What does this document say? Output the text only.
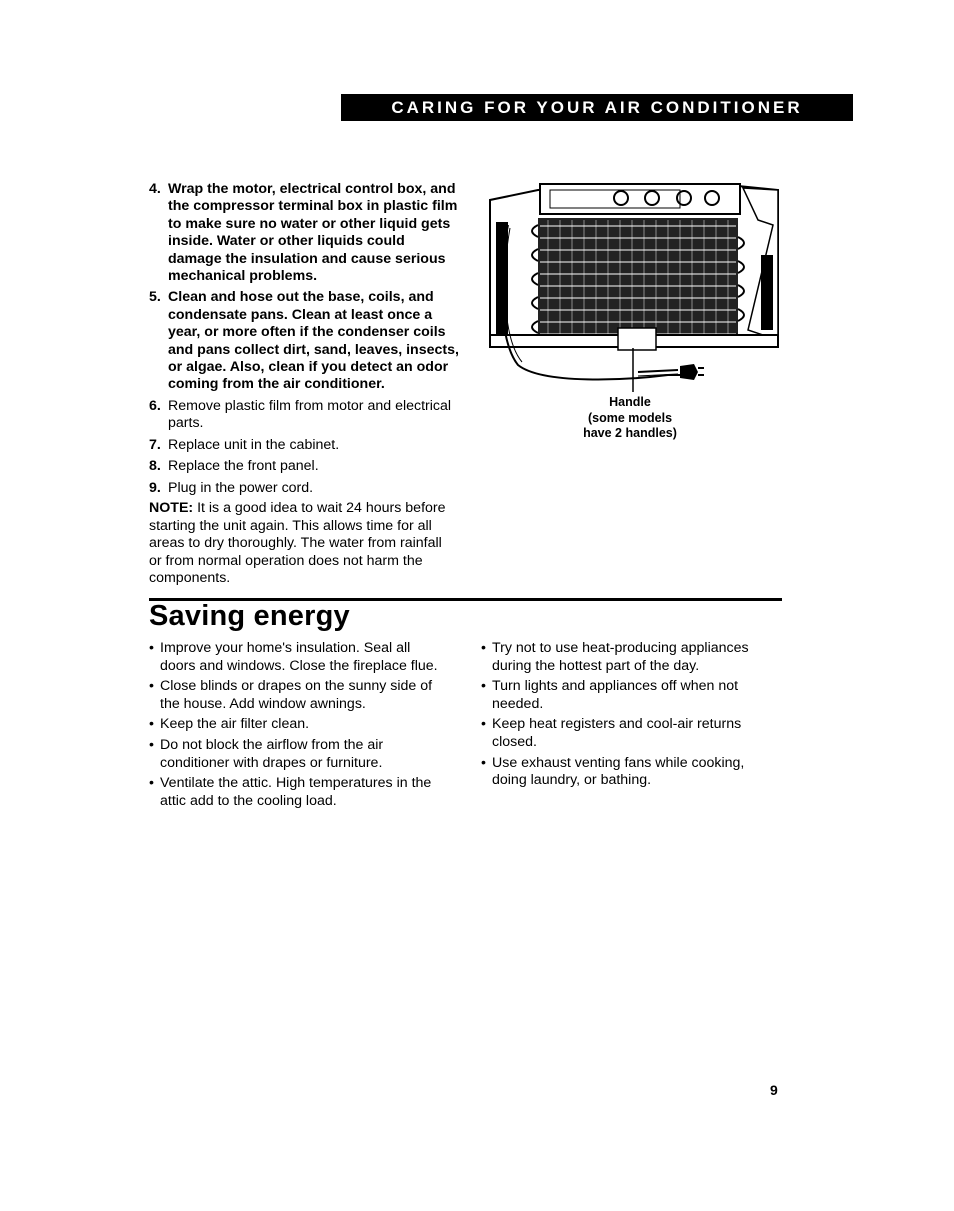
CARING FOR YOUR AIR CONDITIONER
4. Wrap the motor, electrical control box, and the compressor terminal box in plastic film to make sure no water or other liquid gets inside. Water or other liquids could damage the insulation and cause serious mechanical problems.
5. Clean and hose out the base, coils, and condensate pans. Clean at least once a year, or more often if the condenser coils and pans collect dirt, sand, leaves, insects, or algae. Also, clean if you detect an odor coming from the air conditioner.
6. Remove plastic film from motor and electrical parts.
7. Replace unit in the cabinet.
8. Replace the front panel.
9. Plug in the power cord.

NOTE: It is a good idea to wait 24 hours before starting the unit again. This allows time for all areas to dry thoroughly. The water from rainfall or from normal operation does not harm the components.

Handle
(some models
have 2 handles)
Saving energy
• Improve your home's insulation. Seal all doors and windows. Close the fireplace flue.
• Close blinds or drapes on the sunny side of the house. Add window awnings.
• Keep the air filter clean.
• Do not block the airflow from the air conditioner with drapes or furniture.
• Ventilate the attic. High temperatures in the attic add to the cooling load.
• Try not to use heat-producing appliances during the hottest part of the day.
• Turn lights and appliances off when not needed.
• Keep heat registers and cool-air returns closed.
• Use exhaust venting fans while cooking, doing laundry, or bathing.
9
